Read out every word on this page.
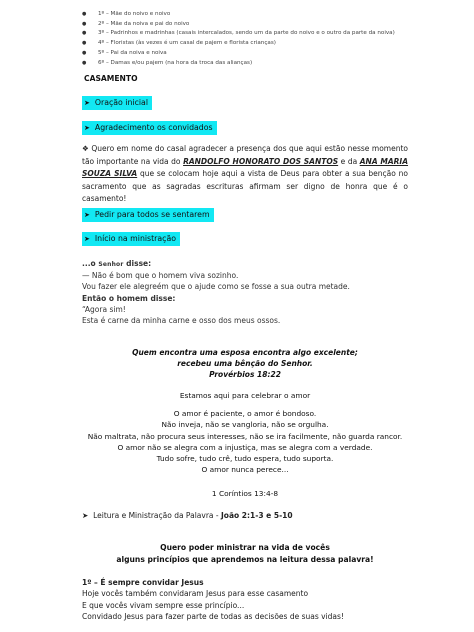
● 1º – Mãe do noivo e noivo
● 2º – Mãe da noiva e pai do noivo
● 3º – Padrinhos e madrinhas (casais intercalados, sendo um da parte do noivo e o outro da parte da noiva)
● 4º – Floristas (às vezes é um casal de pajem e florista crianças)
● 5º – Pai da noiva e noiva
● 6º – Damas e/ou pajem (na hora da troca das alianças)
CASAMENTO
➤ Oração inicial
➤ Agradecimento os convidados
❖ Quero em nome do casal agradecer a presença dos que aqui estão nesse momento tão importante na vida do RANDOLFO HONORATO DOS SANTOS e da ANA MARIA SOUZA SILVA que se colocam hoje aqui a vista de Deus para obter a sua benção no sacramento que as sagradas escrituras afirmam ser digno de honra que é o casamento!
➤ Pedir para todos se sentarem
➤ Início na ministração
...o Senhor disse:
— Não é bom que o homem viva sozinho.
Vou fazer ele alegreém que o ajude como se fosse a sua outra metade.
Então o homem disse:
“Agora sim!
Esta é carne da minha carne e osso dos meus ossos.
Quem encontra uma esposa encontra algo excelente;
recebeu uma bênção do Senhor.
Provérbios 18:22
Estamos aqui para celebrar o amor
O amor é paciente, o amor é bondoso.
Não inveja, não se vangloria, não se orgulha.
Não maltrata, não procura seus interesses, não se ira facilmente, não guarda rancor.
O amor não se alegra com a injustiça, mas se alegra com a verdade.
Tudo sofre, tudo crê, tudo espera, tudo suporta.
O amor nunca perece...
1 Coríntios 13:4-8
➤ Leitura e Ministração da Palavra - João 2:1-3 e 5-10
Quero poder ministrar na vida de vocês
alguns princípios que aprendemos na leitura dessa palavra!
1º – É sempre convidar Jesus
Hoje vocês também convidaram Jesus para esse casamento
E que vocês vivam sempre esse princípio...
Convidado Jesus para fazer parte de todas as decisões de suas vidas!
